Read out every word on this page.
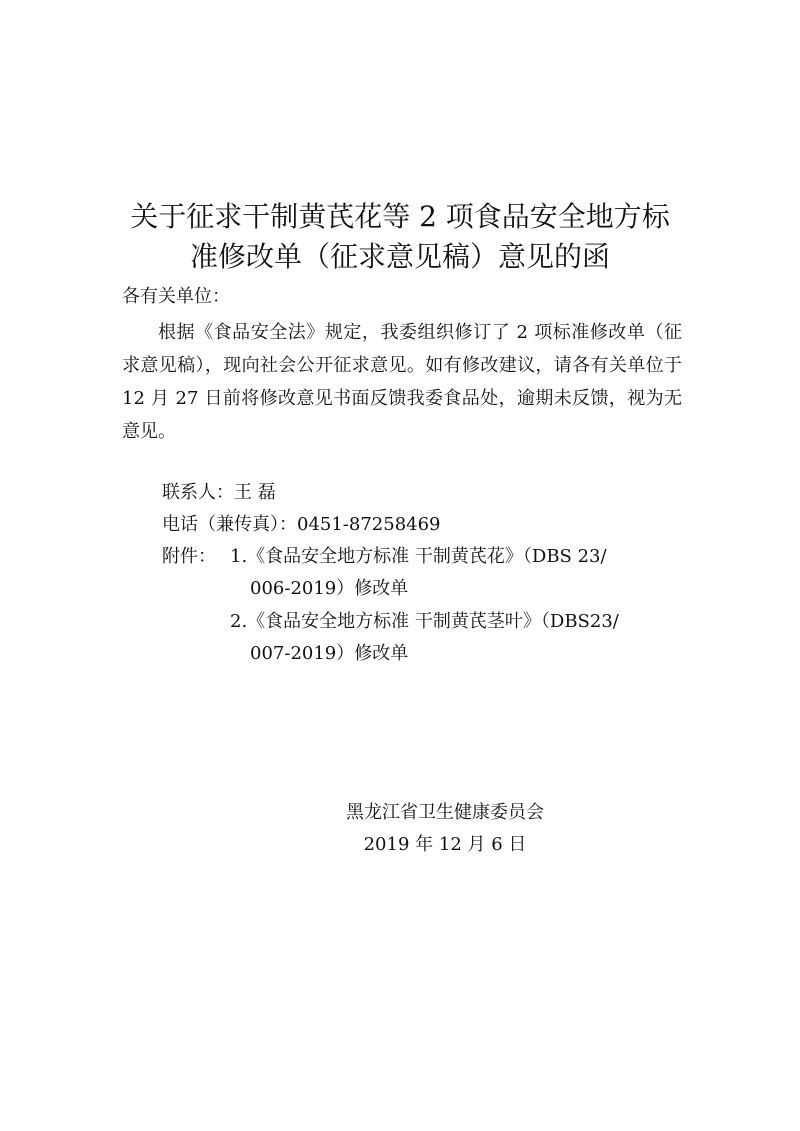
关于征求干制黄芪花等 2 项食品安全地方标
准修改单（征求意见稿）意见的函
各有关单位：

根据《食品安全法》规定，我委组织修订了 2 项标准修改单（征求意见稿），现向社会公开征求意见。如有修改建议，请各有关单位于 12 月 27 日前将修改意见书面反馈我委食品处，逾期未反馈，视为无意见。

联系人：王 磊
电话（兼传真）：0451-87258469
附件： 1.《食品安全地方标准 干制黄芪花》（DBS 23/
006-2019）修改单
2.《食品安全地方标准 干制黄芪茎叶》（DBS23/
007-2019）修改单
黑龙江省卫生健康委员会
2019 年 12 月 6 日
